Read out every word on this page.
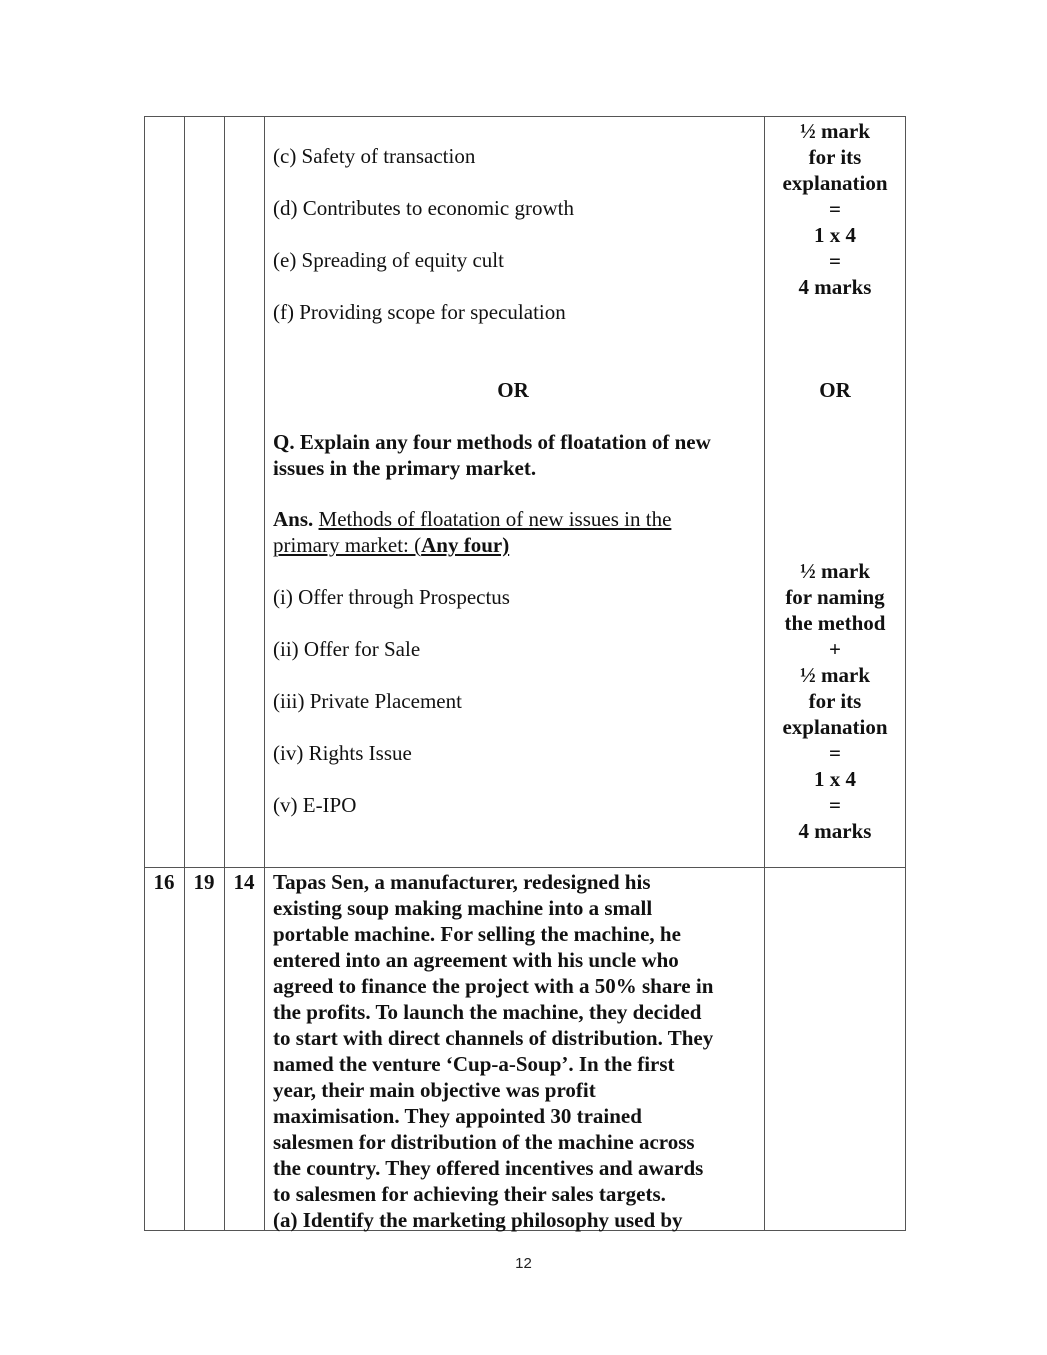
(c) Safety of transaction
(d) Contributes to economic growth
(e) Spreading of equity cult
(f) Providing scope for speculation
½ mark
for its
explanation
=
1 x 4
=
4 marks
OR	OR
Q. Explain any four methods of floatation of new
issues in the primary market.
Ans. Methods of floatation of new issues in the
primary market: (Any four)
(i) Offer through Prospectus
(ii) Offer for Sale
(iii) Private Placement
(iv) Rights Issue
(v) E-IPO
½ mark
for naming
the method
+
½ mark
for its
explanation
=
1 x 4
=
4 marks
16 19 14 Tapas Sen, a manufacturer, redesigned his
existing soup making machine into a small
portable machine. For selling the machine, he
entered into an agreement with his uncle who
agreed to finance the project with a 50% share in
the profits. To launch the machine, they decided
to start with direct channels of distribution. They
named the venture ‘Cup-a-Soup’. In the first
year, their main objective was profit
maximisation. They appointed 30 trained
salesmen for distribution of the machine across
the country. They offered incentives and awards
to salesmen for achieving their sales targets.
(a) Identify the marketing philosophy used by
12
